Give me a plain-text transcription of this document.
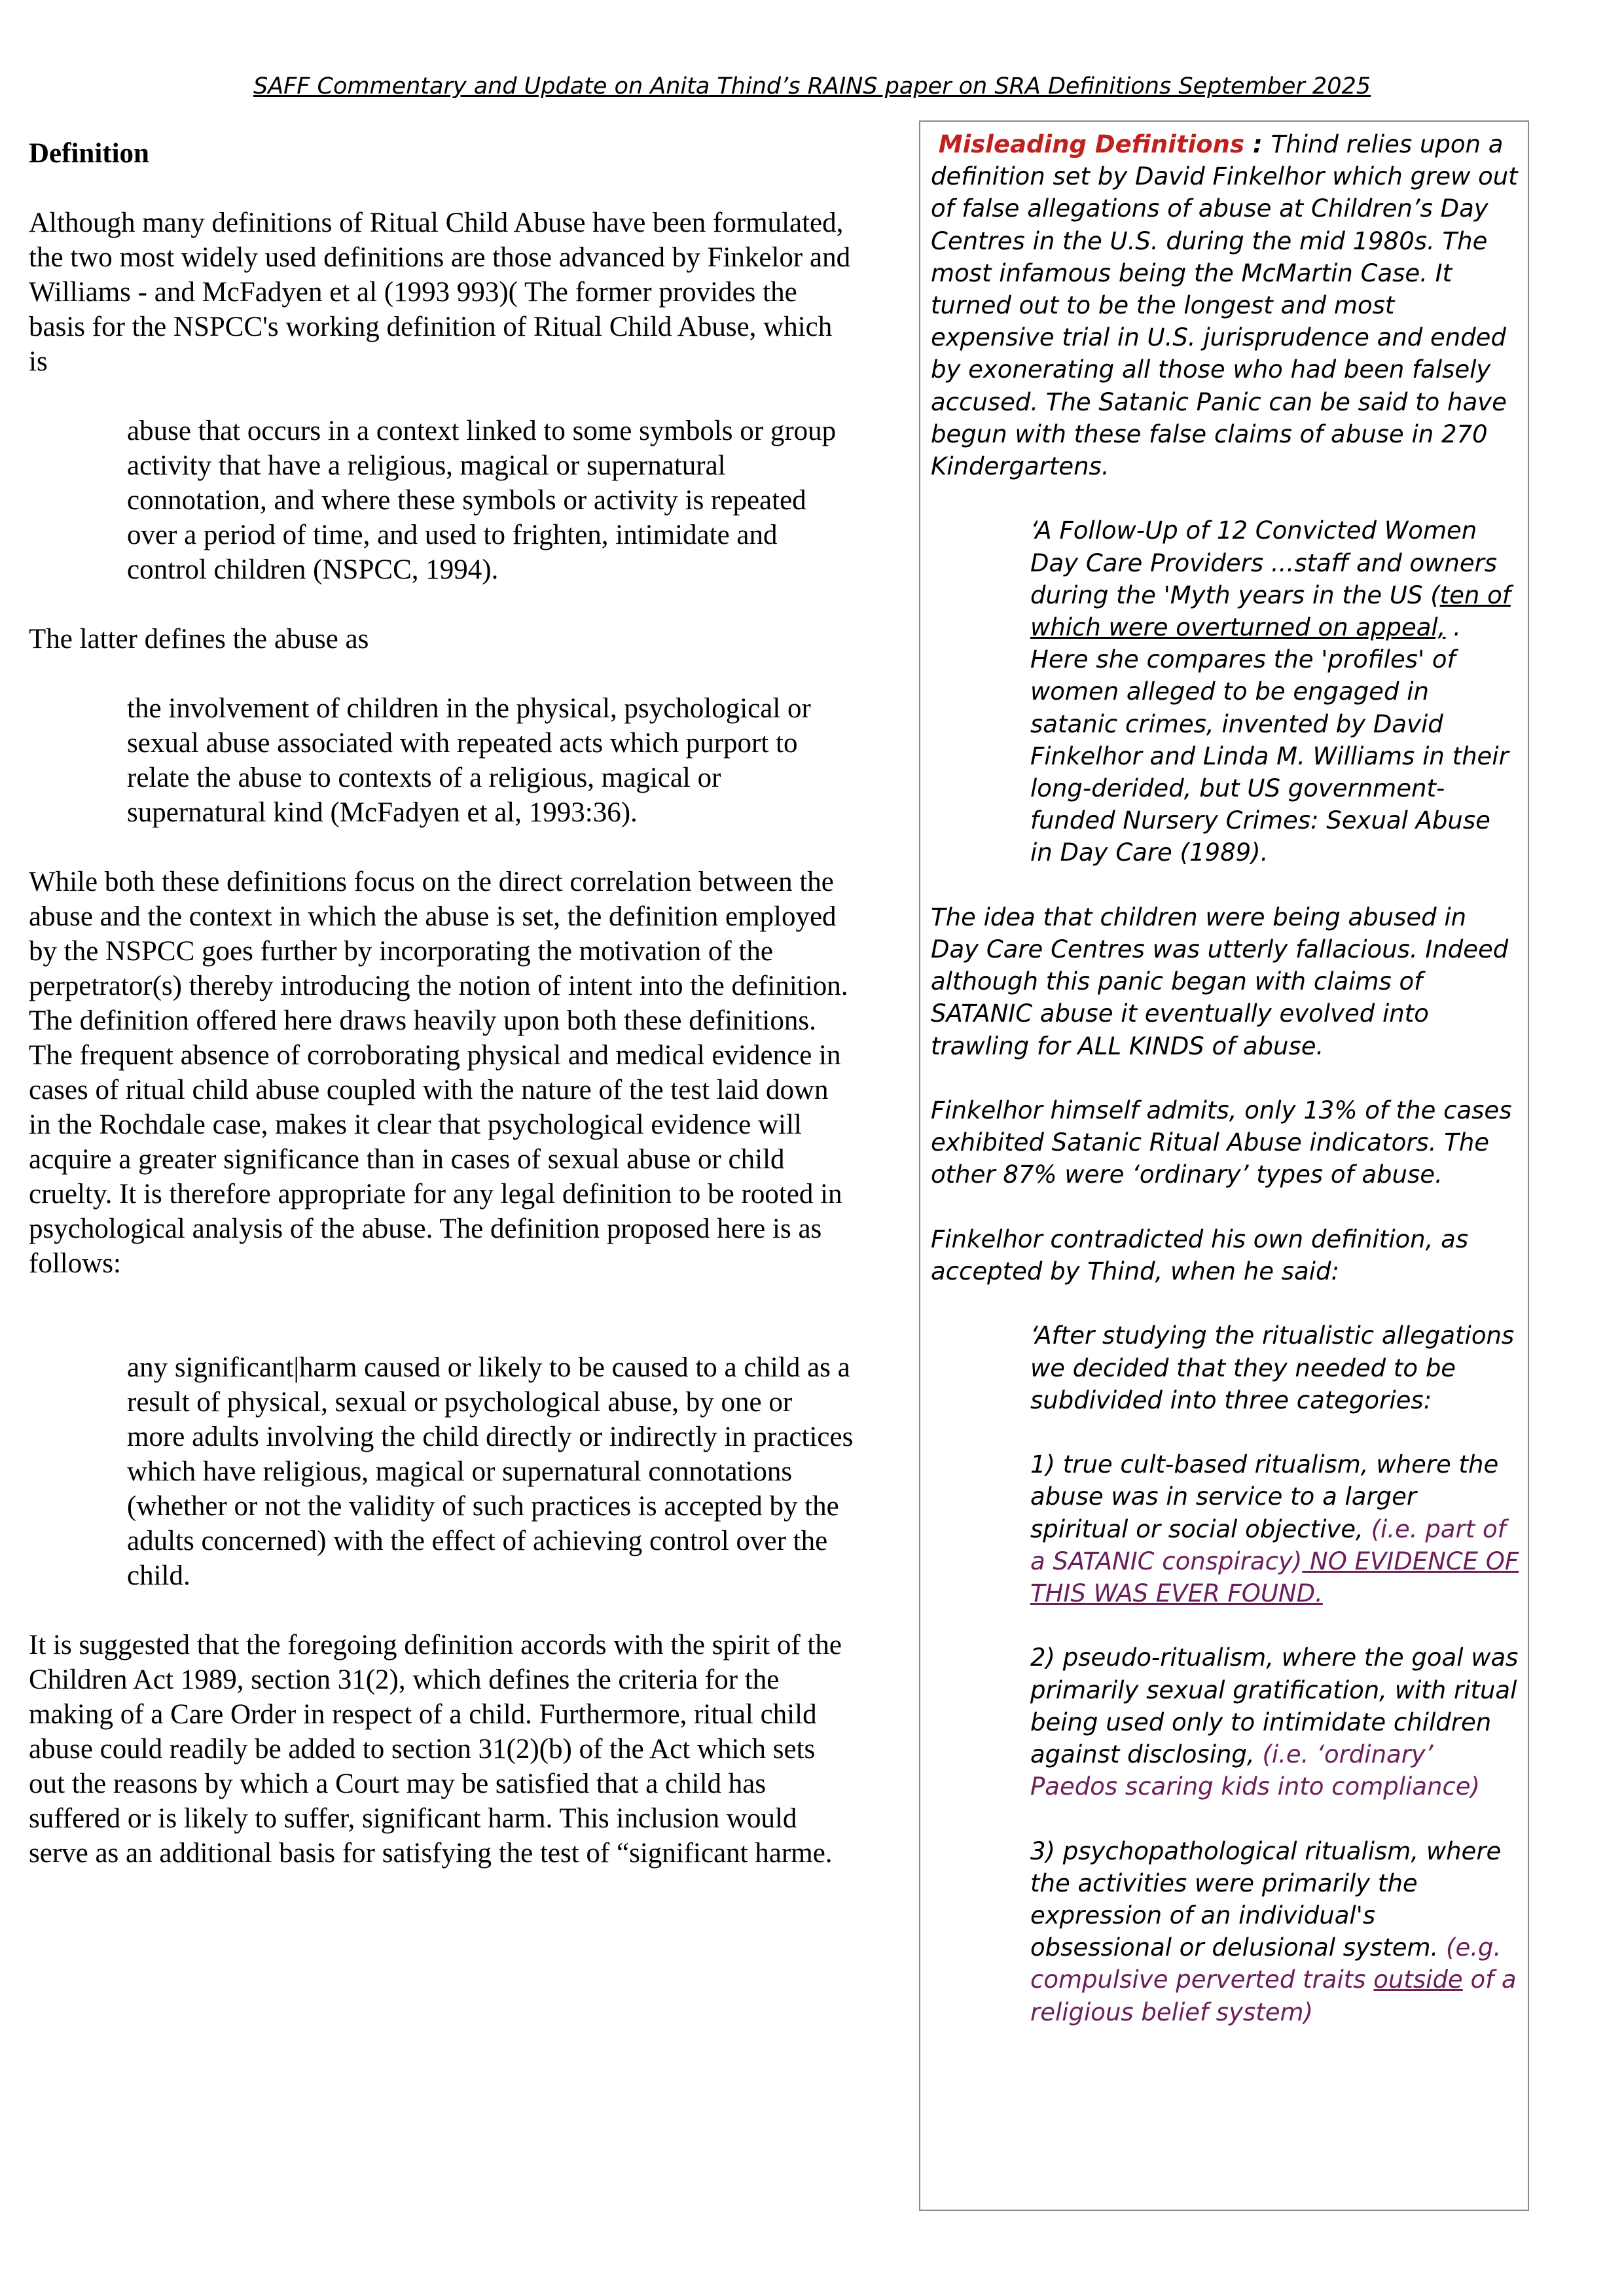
SAFF Commentary and Update on Anita Thind’s RAINS paper on SRA Definitions September 2025

Definition

Although many definitions of Ritual Child Abuse have been formulated, the two most widely used definitions are those advanced by Finkelor and Williams - and McFadyen et al (1993 993)( The former provides the basis for the NSPCC's working definition of Ritual Child Abuse, which is

abuse that occurs in a context linked to some symbols or group activity that have a religious, magical or supernatural connotation, and where these symbols or activity is repeated over a period of time, and used to frighten, intimidate and control children (NSPCC, 1994).

The latter defines the abuse as

the involvement of children in the physical, psychological or sexual abuse associated with repeated acts which purport to relate the abuse to contexts of a religious, magical or supernatural kind (McFadyen et al, 1993:36).

While both these definitions focus on the direct correlation between the abuse and the context in which the abuse is set, the definition employed by the NSPCC goes further by incorporating the motivation of the perpetrator(s) thereby introducing the notion of intent into the definition. The definition offered here draws heavily upon both these definitions. The frequent absence of corroborating physical and medical evidence in cases of ritual child abuse coupled with the nature of the test laid down in the Rochdale case, makes it clear that psychological evidence will acquire a greater significance than in cases of sexual abuse or child cruelty. It is therefore appropriate for any legal definition to be rooted in psychological analysis of the abuse. The definition proposed here is as follows:

any significant|harm caused or likely to be caused to a child as a result of physical, sexual or psychological abuse, by one or more adults involving the child directly or indirectly in practices which have religious, magical or supernatural connotations (whether or not the validity of such practices is accepted by the adults concerned) with the effect of achieving control over the child.

It is suggested that the foregoing definition accords with the spirit of the Children Act 1989, section 31(2), which defines the criteria for the making of a Care Order in respect of a child. Furthermore, ritual child abuse could readily be added to section 31(2)(b) of the Act which sets out the reasons by which a Court may be satisfied that a child has suffered or is likely to suffer, significant harm. This inclusion would serve as an additional basis for satisfying the test of “significant harme.

Misleading Definitions : Thind relies upon a definition set by David Finkelhor which grew out of false allegations of abuse at Children’s Day Centres in the U.S. during the mid 1980s. The most infamous being the McMartin Case. It turned out to be the longest and most expensive trial in U.S. jurisprudence and ended by exonerating all those who had been falsely accused. The Satanic Panic can be said to have begun with these false claims of abuse in 270 Kindergartens.

‘A Follow-Up of 12 Convicted Women Day Care Providers ...staff and owners during the 'Myth years in the US (ten of which were overturned on appeal, . Here she compares the 'profiles' of women alleged to be engaged in satanic crimes, invented by David Finkelhor and Linda M. Williams in their long-derided, but US government-funded Nursery Crimes: Sexual Abuse in Day Care (1989).

The idea that children were being abused in Day Care Centres was utterly fallacious. Indeed although this panic began with claims of SATANIC abuse it eventually evolved into trawling for ALL KINDS of abuse.

Finkelhor himself admits, only 13% of the cases exhibited Satanic Ritual Abuse indicators. The other 87% were ‘ordinary’ types of abuse.

Finkelhor contradicted his own definition, as accepted by Thind, when he said:

‘After studying the ritualistic allegations we decided that they needed to be subdivided into three categories:

1) true cult-based ritualism, where the abuse was in service to a larger spiritual or social objective, (i.e. part of a SATANIC conspiracy) NO EVIDENCE OF THIS WAS EVER FOUND.

2) pseudo-ritualism, where the goal was primarily sexual gratification, with ritual being used only to intimidate children against disclosing, (i.e. ‘ordinary’ Paedos scaring kids into compliance)

3) psychopathological ritualism, where the activities were primarily the expression of an individual's obsessional or delusional system. (e.g. compulsive perverted traits outside of a religious belief system)
